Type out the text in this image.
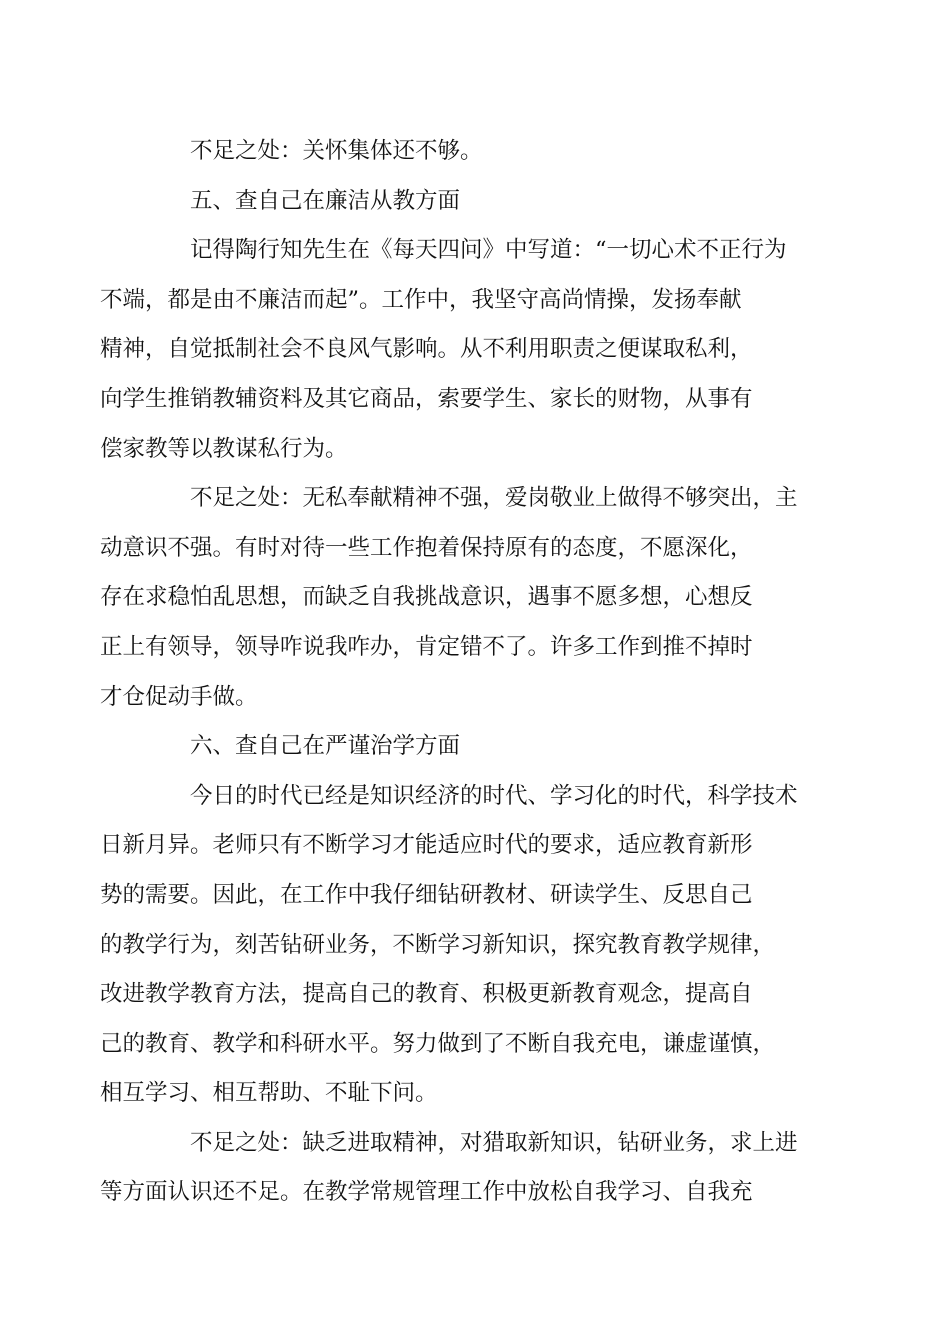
不足之处：关怀集体还不够。
五、查自己在廉洁从教方面
记得陶行知先生在《每天四问》中写道：“一切心术不正行为
不端，都是由不廉洁而起”。工作中，我坚守高尚情操，发扬奉献
精神，自觉抵制社会不良风气影响。从不利用职责之便谋取私利，
向学生推销教辅资料及其它商品，索要学生、家长的财物，从事有
偿家教等以教谋私行为。
不足之处：无私奉献精神不强，爱岗敬业上做得不够突出，主
动意识不强。有时对待一些工作抱着保持原有的态度，不愿深化，
存在求稳怕乱思想，而缺乏自我挑战意识，遇事不愿多想，心想反
正上有领导，领导咋说我咋办，肯定错不了。许多工作到推不掉时
才仓促动手做。
六、查自己在严谨治学方面
今日的时代已经是知识经济的时代、学习化的时代，科学技术
日新月异。老师只有不断学习才能适应时代的要求，适应教育新形
势的需要。因此，在工作中我仔细钻研教材、研读学生、反思自己
的教学行为，刻苦钻研业务，不断学习新知识，探究教育教学规律，
改进教学教育方法，提高自己的教育、积极更新教育观念，提高自
己的教育、教学和科研水平。努力做到了不断自我充电，谦虚谨慎，
相互学习、相互帮助、不耻下问。
不足之处：缺乏进取精神，对猎取新知识，钻研业务，求上进
等方面认识还不足。在教学常规管理工作中放松自我学习、自我充
